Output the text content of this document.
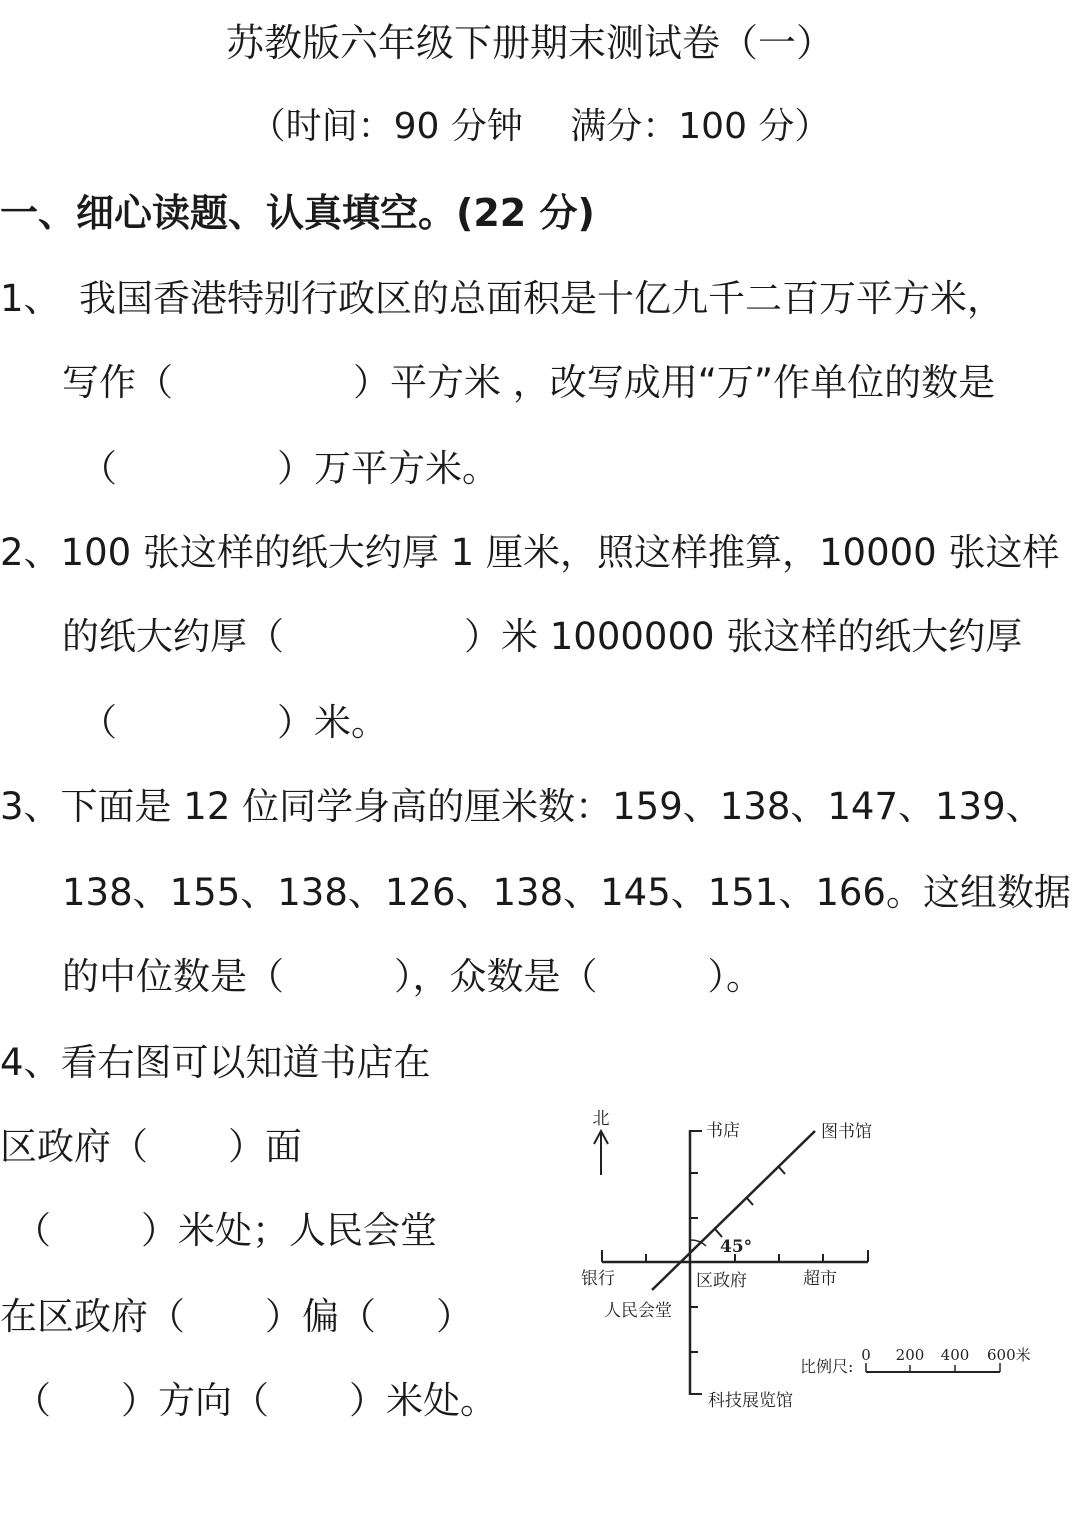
苏教版六年级下册期末测试卷（一）
（时间：90 分钟　 满分：100 分）
一、细心读题、认真填空。(22 分)
1、　我国香港特别行政区的总面积是十亿九千二百万平方米，
写作（	）平方米 ，改写成用“万”作单位的数是
（	）万平方米。
2、100 张这样的纸大约厚 1 厘米，照这样推算，10000 张这样
的纸大约厚（	）米 1000000 张这样的纸大约厚
（	）米。
3、下面是 12 位同学身高的厘米数：159、138、147、139、
138、155、138、126、138、145、151、166。这组数据
的中位数是（	），众数是（	）。
4、看右图可以知道书店在
区政府（ ）面
（ ）米处；人民会堂
在区政府（ ）偏（ ）
（ ）方向（ ）米处。
北
45°
书店	图书馆
银行	区政府	超市
人民会堂
科技展览馆
比例尺:
0 200 400 600米
